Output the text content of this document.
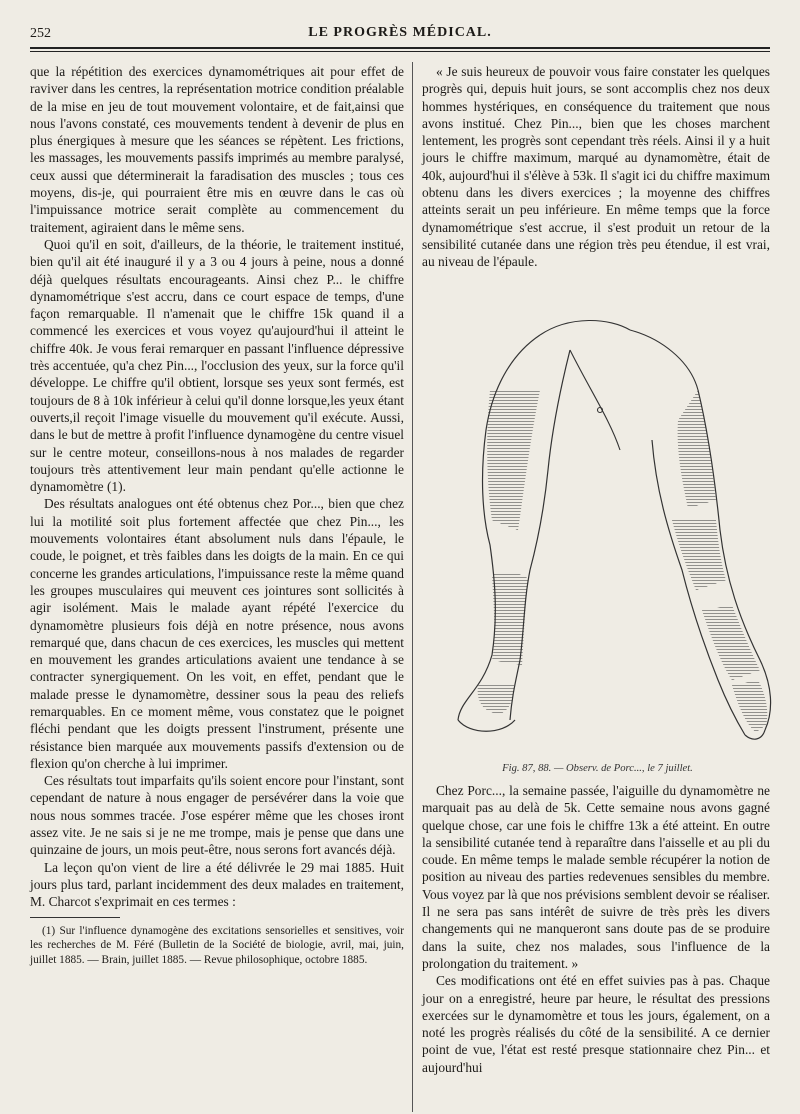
252	LE PROGRÈS MÉDICAL.

que la répétition des exercices dynamométriques ait pour effet de raviver dans les centres, la représentation motrice condition préalable de la mise en jeu de tout mouvement volontaire, et de fait,ainsi que nous l'avons constaté, ces mouvements tendent à devenir de plus en plus énergiques à mesure que les séances se répètent. Les frictions, les massages, les mouvements passifs imprimés au membre paralysé, ceux aussi que déterminerait la faradisation des muscles ; tous ces moyens, dis-je, qui pourraient être mis en œuvre dans le cas où l'impuissance motrice serait complète au commencement du traitement, agiraient dans le même sens.

Quoi qu'il en soit, d'ailleurs, de la théorie, le traitement institué, bien qu'il ait été inauguré il y a 3 ou 4 jours à peine, nous a donné déjà quelques résultats encourageants. Ainsi chez P... le chiffre dynamométrique s'est accru, dans ce court espace de temps, d'une façon remarquable. Il n'amenait que le chiffre 15k quand il a commencé les exercices et vous voyez qu'aujourd'hui il atteint le chiffre 40k. Je vous ferai remarquer en passant l'influence dépressive très accentuée, qu'a chez Pin..., l'occlusion des yeux, sur la force qu'il développe. Le chiffre qu'il obtient, lorsque ses yeux sont fermés, est toujours de 8 à 10k inférieur à celui qu'il donne lorsque,les yeux étant ouverts,il reçoit l'image visuelle du mouvement qu'il exécute. Aussi, dans le but de mettre à profit l'influence dynamogène du centre visuel sur le centre moteur, conseillons-nous à nos malades de regarder toujours très attentivement leur main pendant qu'elle actionne le dynamomètre (1).

Des résultats analogues ont été obtenus chez Por..., bien que chez lui la motilité soit plus fortement affectée que chez Pin..., les mouvements volontaires étant absolument nuls dans l'épaule, le coude, le poignet, et très faibles dans les doigts de la main. En ce qui concerne les grandes articulations, l'impuissance reste la même quand les groupes musculaires qui meuvent ces jointures sont sollicités à agir isolément. Mais le malade ayant répété l'exercice du dynamomètre plusieurs fois déjà en notre présence, nous avons remarqué que, dans chacun de ces exercices, les muscles qui mettent en mouvement les grandes articulations avaient une tendance à se contracter synergiquement. On les voit, en effet, pendant que le malade presse le dynamomètre, dessiner sous la peau des reliefs remarquables. En ce moment même, vous constatez que le poignet fléchi pendant que les doigts pressent l'instrument, présente une résistance bien marquée aux mouvements passifs d'extension ou de flexion qu'on cherche à lui imprimer.

Ces résultats tout imparfaits qu'ils soient encore pour l'instant, sont cependant de nature à nous engager de persévérer dans la voie que nous nous sommes tracée. J'ose espérer même que les choses iront assez vite. Je ne sais si je ne me trompe, mais je pense que dans une quinzaine de jours, un mois peut-être, nous serons fort avancés déjà.

La leçon qu'on vient de lire a été délivrée le 29 mai 1885. Huit jours plus tard, parlant incidemment des deux malades en traitement, M. Charcot s'exprimait en ces termes :

(1) Sur l'influence dynamogène des excitations sensorielles et sensitives, voir les recherches de M. Féré (Bulletin de la Société de biologie, avril, mai, juin, juillet 1885. — Brain, juillet 1885. — Revue philosophique, octobre 1885.

« Je suis heureux de pouvoir vous faire constater les quelques progrès qui, depuis huit jours, se sont accomplis chez nos deux hommes hystériques, en conséquence du traitement que nous avons institué. Chez Pin..., bien que les choses marchent lentement, les progrès sont cependant très réels. Ainsi il y a huit jours le chiffre maximum, marqué au dynamomètre, était de 40k, aujourd'hui il s'élève à 53k. Il s'agit ici du chiffre maximum obtenu dans les divers exercices ; la moyenne des chiffres atteints serait un peu inférieure. En même temps que la force dynamométrique s'est accrue, il s'est produit un retour de la sensibilité cutanée dans une région très peu étendue, il est vrai, au niveau de l'épaule.

Fig. 87, 88. — Observ. de Porc..., le 7 juillet.

Chez Porc..., la semaine passée, l'aiguille du dynamomètre ne marquait pas au delà de 5k. Cette semaine nous avons gagné quelque chose, car une fois le chiffre 13k a été atteint. En outre la sensibilité cutanée tend à reparaître dans l'aisselle et au pli du coude. En même temps le malade semble récupérer la notion de position au niveau des parties redevenues sensibles du membre. Vous voyez par là que nos prévisions semblent devoir se réaliser. Il ne sera pas sans intérêt de suivre de très près les divers changements qui ne manqueront sans doute pas de se produire dans la suite, chez nos malades, sous l'influence de la prolongation du traitement. »

Ces modifications ont été en effet suivies pas à pas. Chaque jour on a enregistré, heure par heure, le résultat des pressions exercées sur le dynamomètre et tous les jours, également, on a noté les progrès réalisés du côté de la sensibilité. A ce dernier point de vue, l'état est resté presque stationnaire chez Pin... et aujourd'hui
